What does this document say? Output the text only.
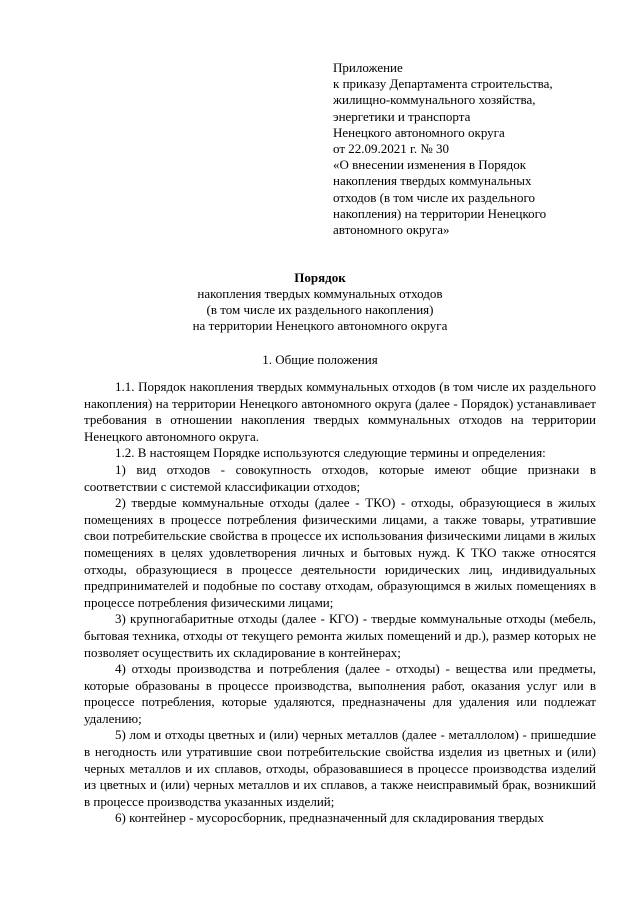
Приложение
к приказу Департамента строительства,
жилищно-коммунального хозяйства,
энергетики и транспорта
Ненецкого автономного округа
от 22.09.2021 г. № 30
«О внесении изменения в Порядок
накопления твердых коммунальных
отходов (в том числе их раздельного
накопления) на территории Ненецкого
автономного округа»
Порядок
накопления твердых коммунальных отходов
(в том числе их раздельного накопления)
на территории Ненецкого автономного округа
1. Общие положения

1.1. Порядок накопления твердых коммунальных отходов (в том числе их раздельного накопления) на территории Ненецкого автономного округа (далее - Порядок) устанавливает требования в отношении накопления твердых коммунальных отходов на территории Ненецкого автономного округа.

1.2. В настоящем Порядке используются следующие термины и определения:

1) вид отходов - совокупность отходов, которые имеют общие признаки в соответствии с системой классификации отходов;

2) твердые коммунальные отходы (далее - ТКО) - отходы, образующиеся в жилых помещениях в процессе потребления физическими лицами, а также товары, утратившие свои потребительские свойства в процессе их использования физическими лицами в жилых помещениях в целях удовлетворения личных и бытовых нужд. К ТКО также относятся отходы, образующиеся в процессе деятельности юридических лиц, индивидуальных предпринимателей и подобные по составу отходам, образующимся в жилых помещениях в процессе потребления физическими лицами;

3) крупногабаритные отходы (далее - КГО) - твердые коммунальные отходы (мебель, бытовая техника, отходы от текущего ремонта жилых помещений и др.), размер которых не позволяет осуществить их складирование в контейнерах;

4) отходы производства и потребления (далее - отходы) - вещества или предметы, которые образованы в процессе производства, выполнения работ, оказания услуг или в процессе потребления, которые удаляются, предназначены для удаления или подлежат удалению;

5) лом и отходы цветных и (или) черных металлов (далее - металлолом) - пришедшие в негодность или утратившие свои потребительские свойства изделия из цветных и (или) черных металлов и их сплавов, отходы, образовавшиеся в процессе производства изделий из цветных и (или) черных металлов и их сплавов, а также неисправимый брак, возникший в процессе производства указанных изделий;

6) контейнер - мусоросборник, предназначенный для складирования твердых
